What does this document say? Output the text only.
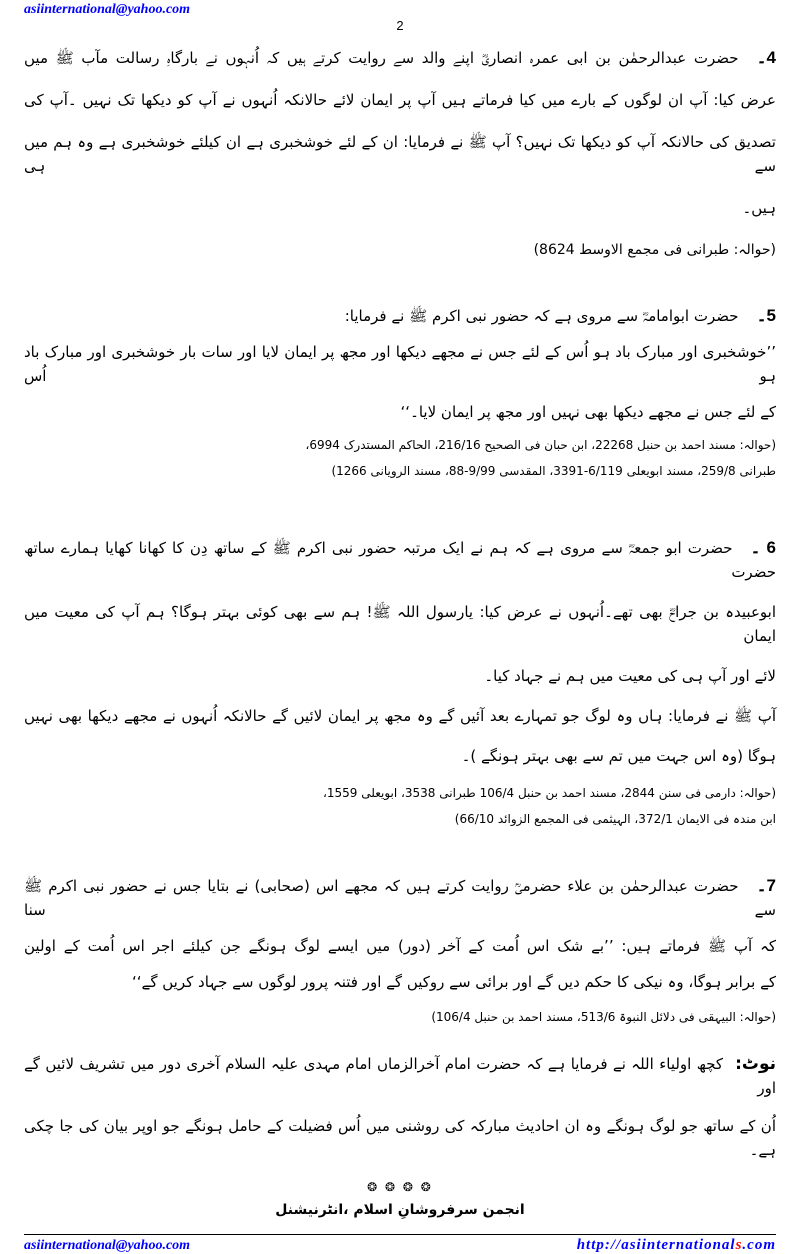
asiinternational@yahoo.com
2
4۔حضرت عبدالرحمٰن بن ابی عمرہ انصاریؓ اپنے والد سے روایت کرتے ہیں کہ اُنہوں نے بارگاہِ رسالت مآب ﷺ میں
عرض کیا: آپ ان لوگوں کے بارے میں کیا فرماتے ہیں آپ پر ایمان لائے حالانکہ اُنہوں نے آپ کو دیکھا تک نہیں ۔آپ کی
تصدیق کی حالانکہ آپ کو دیکھا تک نہیں؟ آپ ﷺ نے فرمایا: ان کے لئے خوشخبری ہے ان کیلئے خوشخبری ہے وہ ہم میں سے ہی
ہیں۔
(حوالہ: طبرانی فی مجمع الاوسط 8624)
5۔حضرت ابوامامہؓ سے مروی ہے کہ حضور نبی اکرم ﷺ نے فرمایا:
’’خوشخبری اور مبارک باد ہو اُس کے لئے جس نے مجھے دیکھا اور مجھ پر ایمان لایا اور سات بار خوشخبری اور مبارک باد ہو اُس
کے لئے جس نے مجھے دیکھا بھی نہیں اور مجھ پر ایمان لایا۔‘‘
(حوالہ: مسند احمد بن حنبل 22268، ابن حبان فی الصحیح 216/16، الحاکم المستدرک 6994،
طبرانی 259/8، مسند ابویعلی 6/119-3391، المقدسی 9/99-88، مسند الرویانی 1266)
6 ۔حضرت ابو جمعہؓ سے مروی ہے کہ ہم نے ایک مرتبہ حضور نبی اکرم ﷺ کے ساتھ دِن کا کھانا کھایا ہمارے ساتھ حضرت
ابوعبیدہ بن جراحؓ بھی تھے۔اُنہوں نے عرض کیا: یارسول اللہ ﷺ! ہم سے بھی کوئی بہتر ہوگا؟ ہم آپ کی معیت میں ایمان
لائے اور آپ ہی کی معیت میں ہم نے جہاد کیا۔
آپ ﷺ نے فرمایا: ہاں وہ لوگ جو تمہارے بعد آئیں گے وہ مجھ پر ایمان لائیں گے حالانکہ اُنہوں نے مجھے دیکھا بھی نہیں
ہوگا (وہ اس جہت میں تم سے بھی بہتر ہونگے )۔
(حوالہ: دارمی فی سنن 2844، مسند احمد بن حنبل 106/4 طبرانی 3538، ابویعلی 1559،
ابن مندہ فی الایمان 372/1، الہیثمی فی المجمع الزوائد 66/10)
7۔حضرت عبدالرحمٰن بن علاء حضرمیؒ روایت کرتے ہیں کہ مجھے اس (صحابی) نے بتایا جس نے حضور نبی اکرم ﷺ سے سنا
کہ آپ ﷺ فرماتے ہیں: ’’بے شک اس اُمت کے آخر (دور) میں ایسے لوگ ہونگے جن کیلئے اجر اس اُمت کے اولین
کے برابر ہوگا، وہ نیکی کا حکم دیں گے اور برائی سے روکیں گے اور فتنہ پرور لوگوں سے جہاد کریں گے‘‘
(حوالہ: البیہقی فی دلائل النبوۃ 513/6، مسند احمد بن حنبل 106/4)
نوٹ:کچھ اولیاء اللہ نے فرمایا ہے کہ حضرت امام آخرالزماں امام مہدی علیہ السلام آخری دور میں تشریف لائیں گے اور
اُن کے ساتھ جو لوگ ہونگے وہ ان احادیث مبارکہ کی روشنی میں اُس فضیلت کے حامل ہونگے جو اوپر بیان کی جا چکی ہے۔
❂ ❂ ❂ ❂
انجمن سرفروشانِ اسلام ،انٹرنیشنل
asiinternational@yahoo.com	http://asiinternationals.com
